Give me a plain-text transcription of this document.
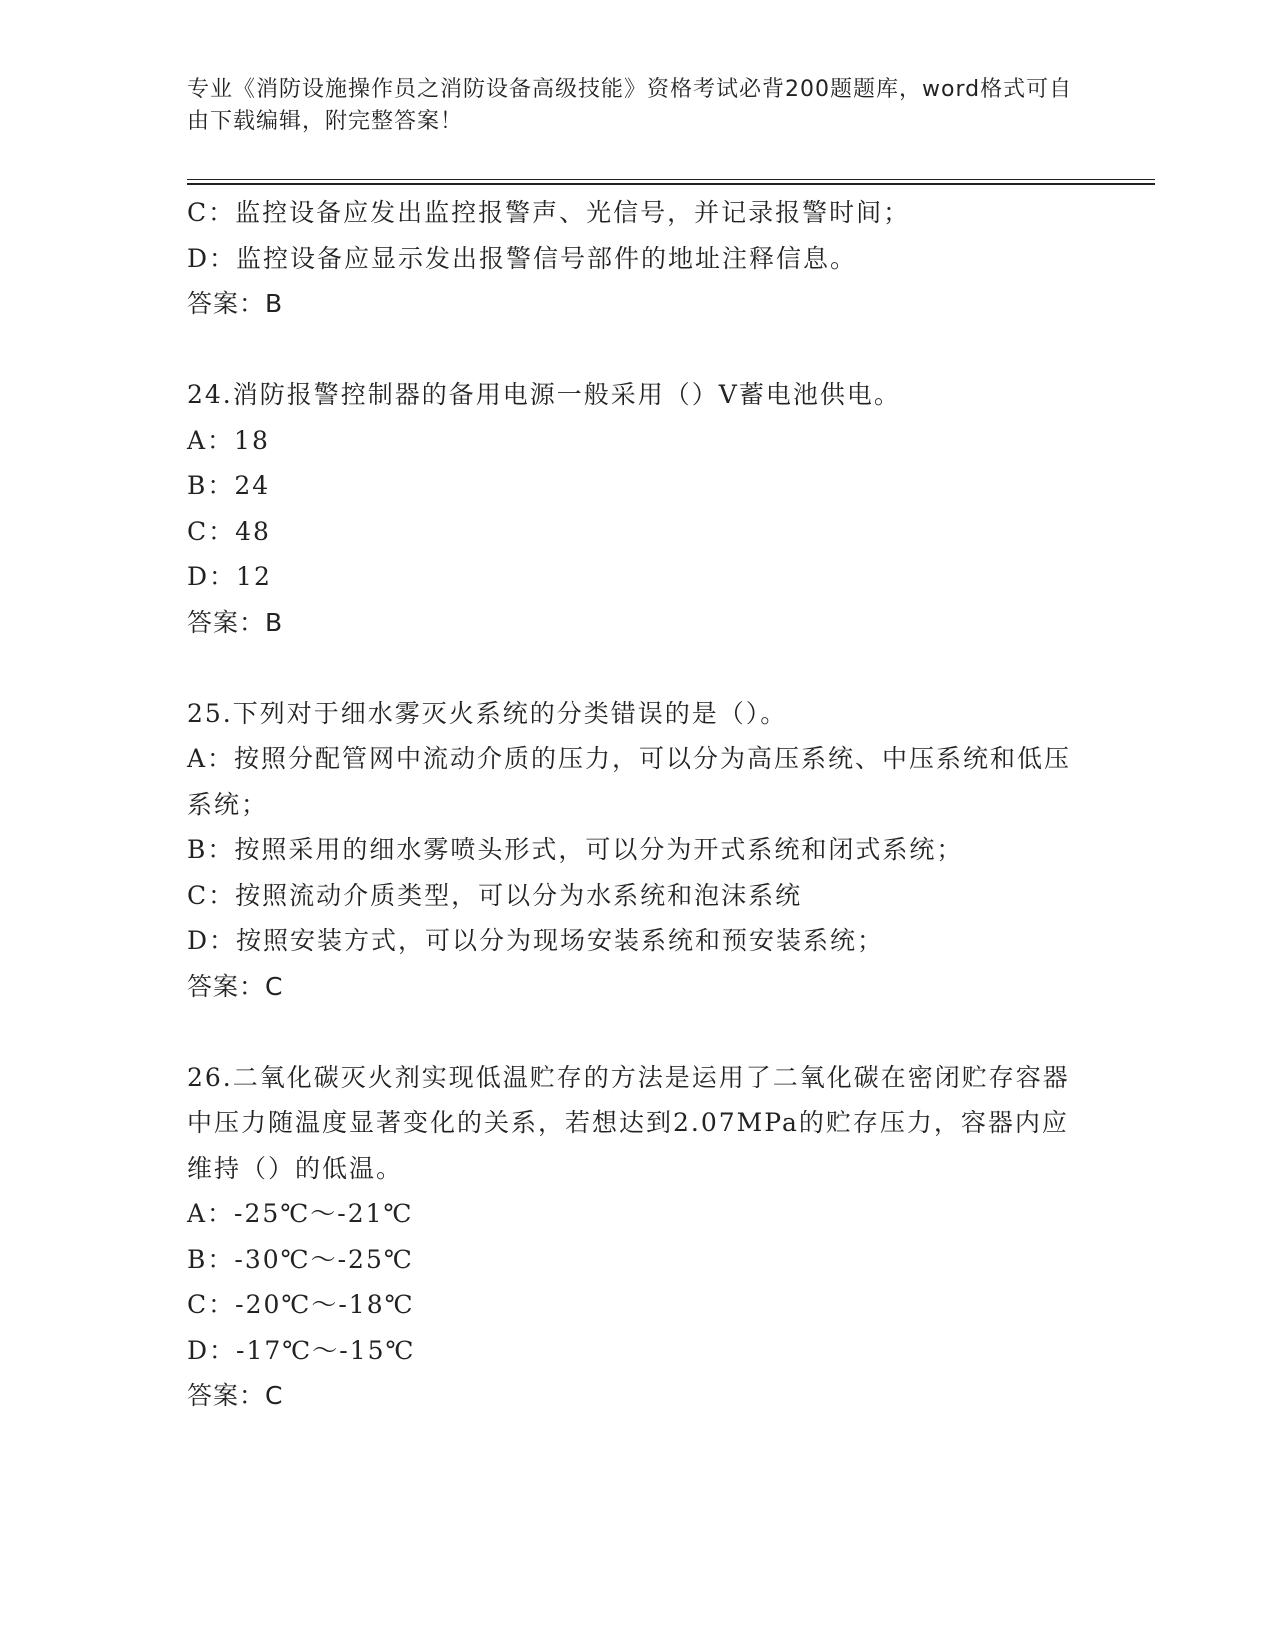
专业《消防设施操作员之消防设备高级技能》资格考试必背200题题库，word格式可自由下载编辑，附完整答案！

C：监控设备应发出监控报警声、光信号，并记录报警时间；

D：监控设备应显示发出报警信号部件的地址注释信息。

答案：B

24.消防报警控制器的备用电源一般采用（）V蓄电池供电。

A：18

B：24

C：48

D：12

答案：B

25.下列对于细水雾灭火系统的分类错误的是（）。

A：按照分配管网中流动介质的压力，可以分为高压系统、中压系统和低压系统；

B：按照采用的细水雾喷头形式，可以分为开式系统和闭式系统；

C：按照流动介质类型，可以分为水系统和泡沫系统

D：按照安装方式，可以分为现场安装系统和预安装系统；

答案：C

26.二氧化碳灭火剂实现低温贮存的方法是运用了二氧化碳在密闭贮存容器中压力随温度显著变化的关系，若想达到2.07MPa的贮存压力，容器内应维持（）的低温。

A：-25℃～-21℃

B：-30℃～-25℃

C：-20℃～-18℃

D：-17℃～-15℃

答案：C
